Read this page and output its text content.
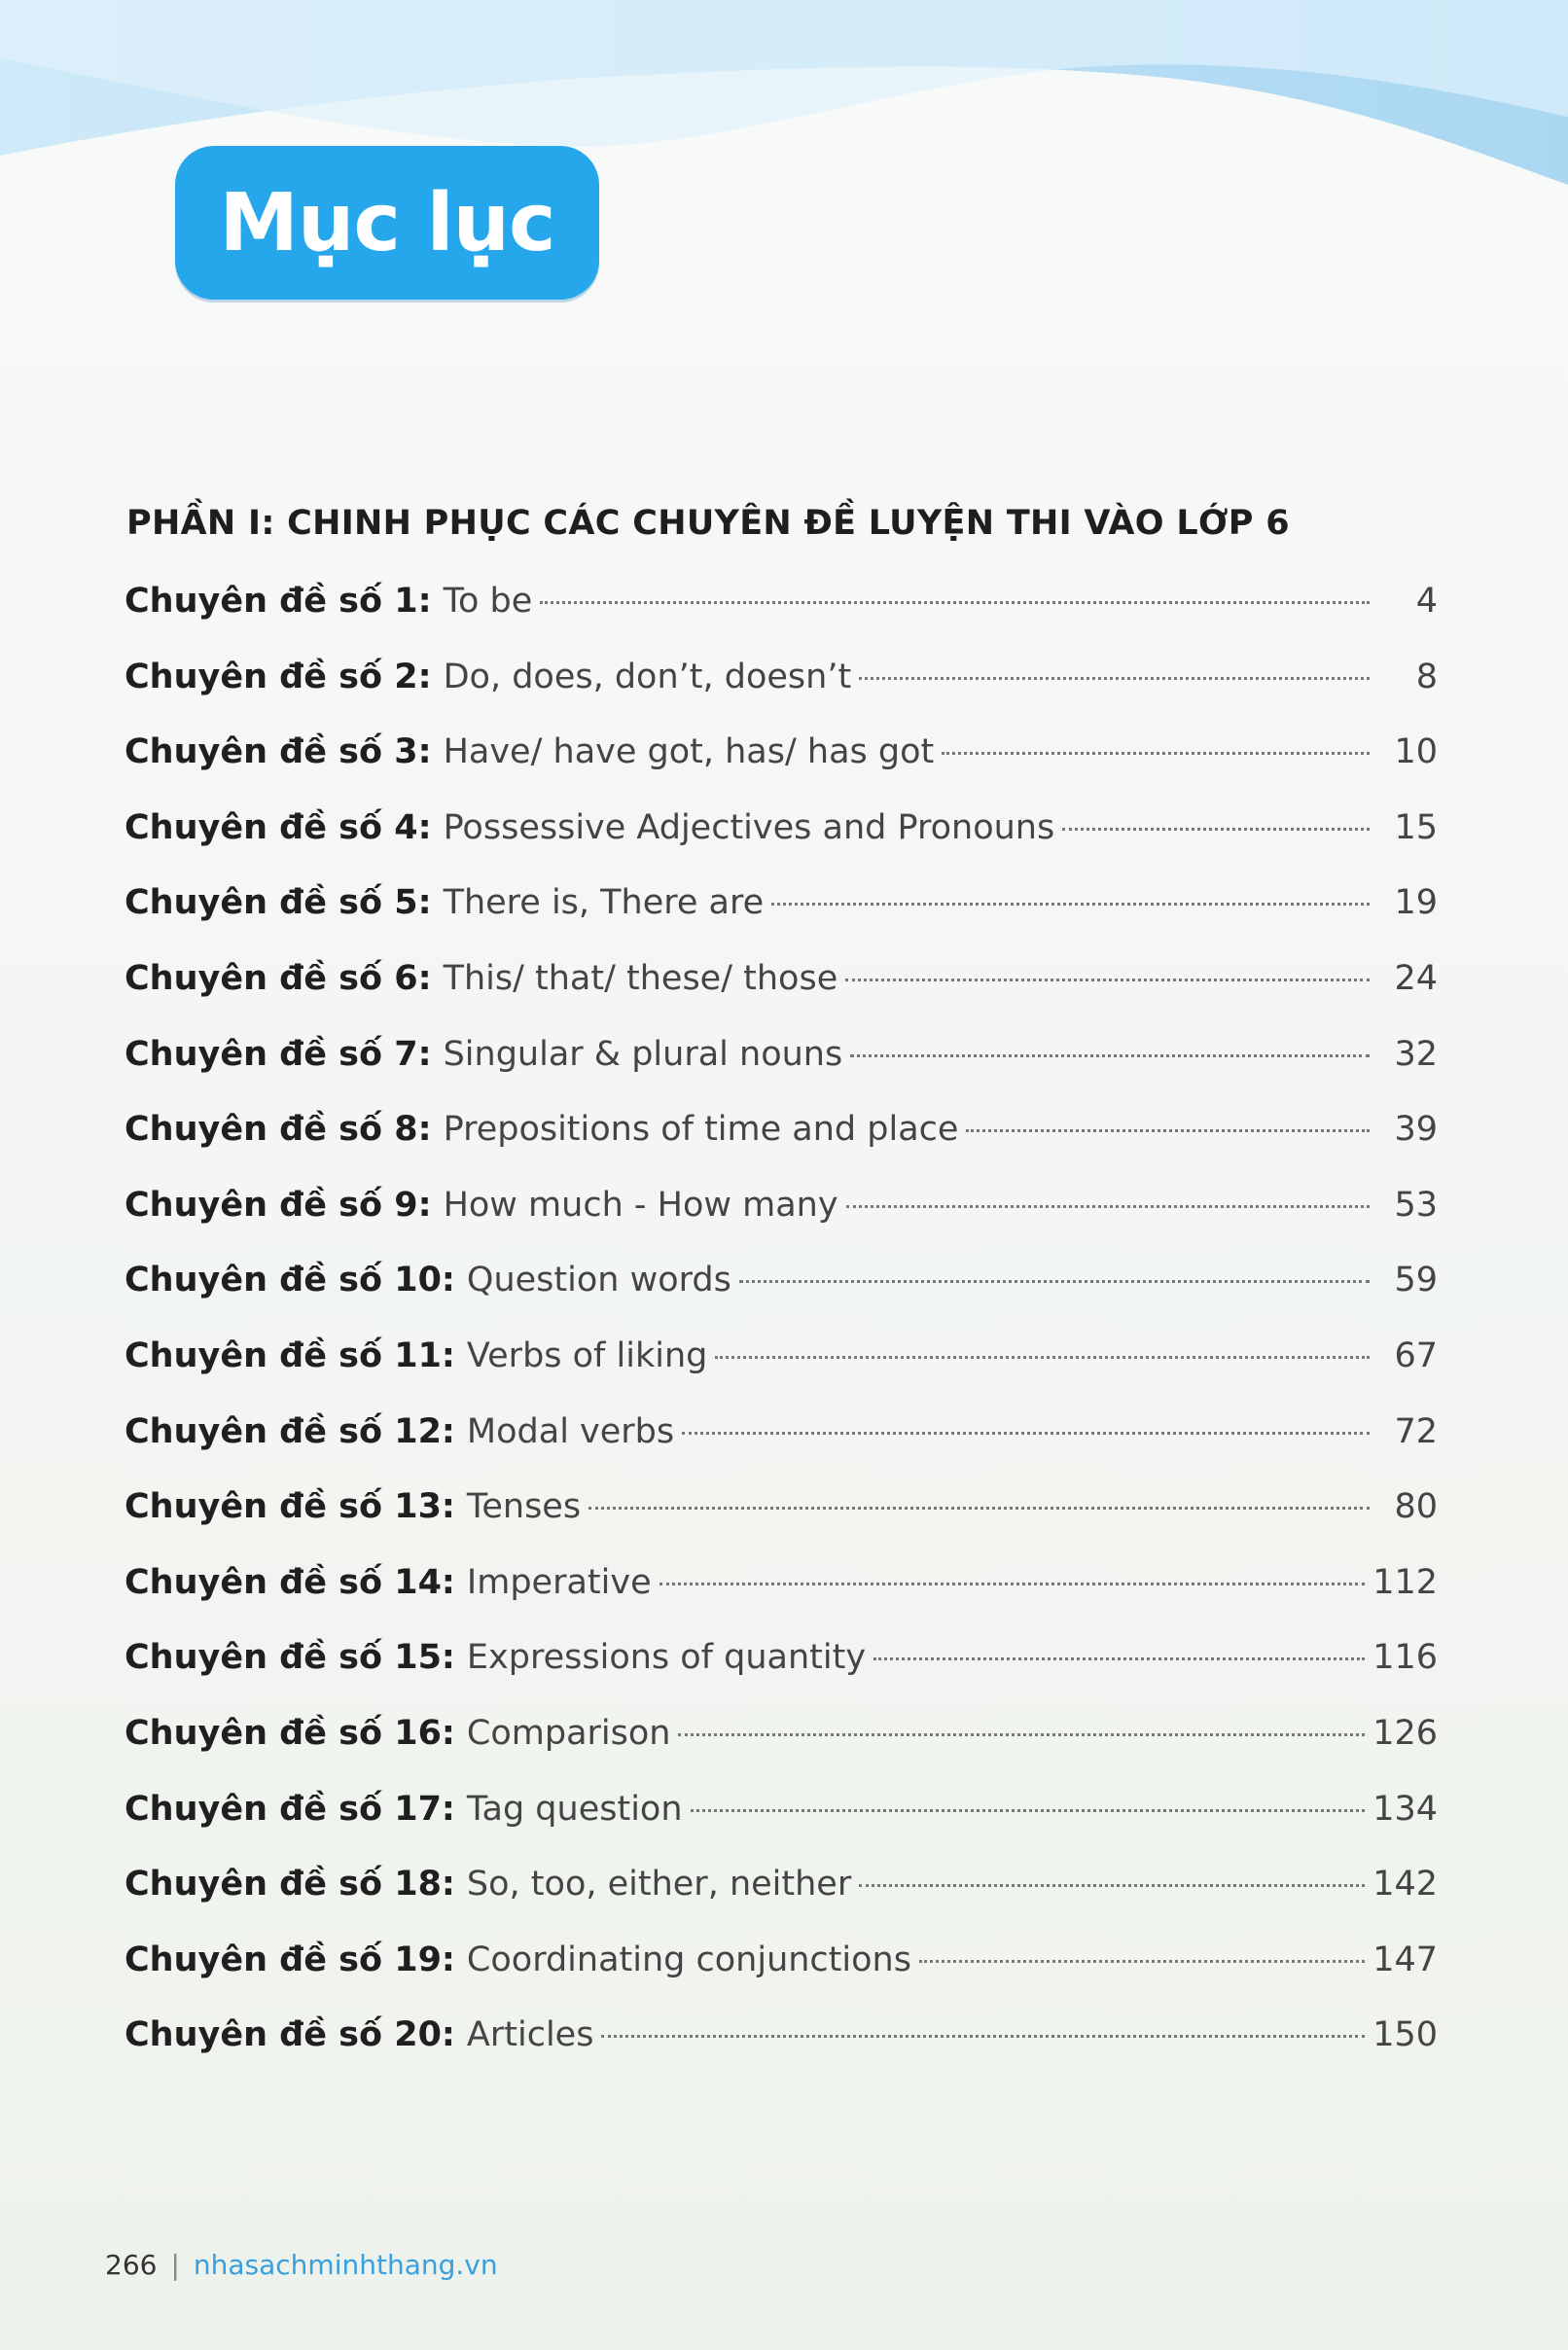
Mục lục
PHẦN I: CHINH PHỤC CÁC CHUYÊN ĐỀ LUYỆN THI VÀO LỚP 6
Chuyên đề số 1: To be	4
Chuyên đề số 2: Do, does, don’t, doesn’t	8
Chuyên đề số 3: Have/ have got, has/ has got	10
Chuyên đề số 4: Possessive Adjectives and Pronouns	15
Chuyên đề số 5: There is, There are	19
Chuyên đề số 6: This/ that/ these/ those	24
Chuyên đề số 7: Singular & plural nouns	32
Chuyên đề số 8: Prepositions of time and place	39
Chuyên đề số 9: How much - How many	53
Chuyên đề số 10: Question words	59
Chuyên đề số 11: Verbs of liking	67
Chuyên đề số 12: Modal verbs	72
Chuyên đề số 13: Tenses	80
Chuyên đề số 14: Imperative	112
Chuyên đề số 15: Expressions of quantity	116
Chuyên đề số 16: Comparison	126
Chuyên đề số 17: Tag question	134
Chuyên đề số 18: So, too, either, neither	142
Chuyên đề số 19: Coordinating conjunctions	147
Chuyên đề số 20: Articles	150
266 | nhasachminhthang.vn
